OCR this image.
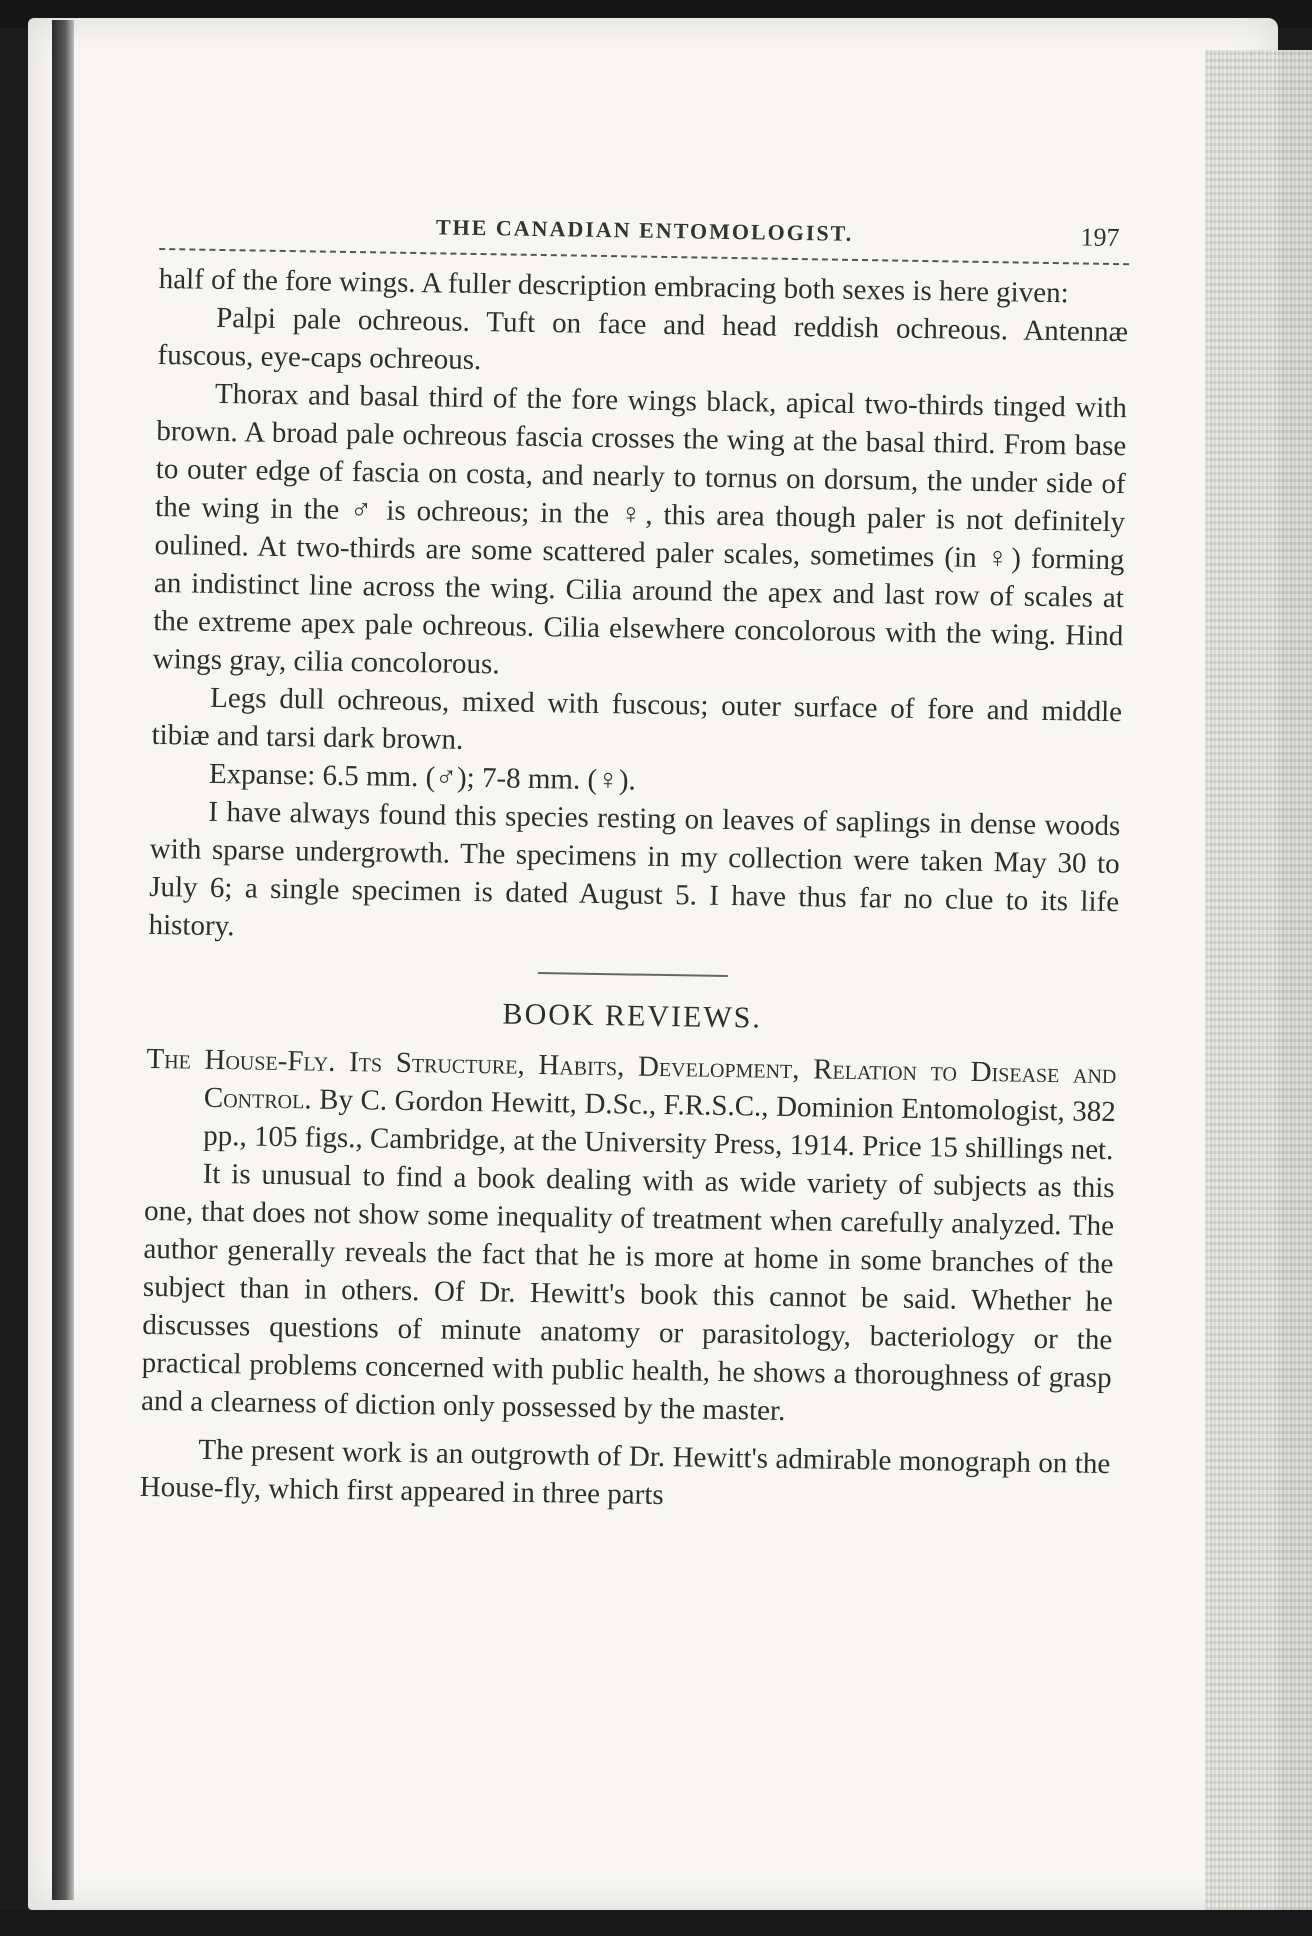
THE CANADIAN ENTOMOLOGIST.	197

half of the fore wings. A fuller description embracing both sexes is here given:

Palpi pale ochreous. Tuft on face and head reddish ochreous. Antennæ fuscous, eye-caps ochreous.

Thorax and basal third of the fore wings black, apical two-thirds tinged with brown. A broad pale ochreous fascia crosses the wing at the basal third. From base to outer edge of fascia on costa, and nearly to tornus on dorsum, the under side of the wing in the ♂ is ochreous; in the ♀, this area though paler is not definitely oulined. At two-thirds are some scattered paler scales, sometimes (in ♀) forming an indistinct line across the wing. Cilia around the apex and last row of scales at the extreme apex pale ochreous. Cilia elsewhere concolorous with the wing. Hind wings gray, cilia concolorous.

Legs dull ochreous, mixed with fuscous; outer surface of fore and middle tibiæ and tarsi dark brown.

Expanse: 6.5 mm. (♂); 7-8 mm. (♀).

I have always found this species resting on leaves of saplings in dense woods with sparse undergrowth. The specimens in my collection were taken May 30 to July 6; a single specimen is dated August 5. I have thus far no clue to its life history.

BOOK REVIEWS.

The House-Fly. Its Structure, Habits, Development, Relation to Disease and Control. By C. Gordon Hewitt, D.Sc., F.R.S.C., Dominion Entomologist, 382 pp., 105 figs., Cambridge, at the University Press, 1914. Price 15 shillings net.

It is unusual to find a book dealing with as wide variety of subjects as this one, that does not show some inequality of treatment when carefully analyzed. The author generally reveals the fact that he is more at home in some branches of the subject than in others. Of Dr. Hewitt's book this cannot be said. Whether he discusses questions of minute anatomy or parasitology, bacteriology or the practical problems concerned with public health, he shows a thoroughness of grasp and a clearness of diction only possessed by the master.

The present work is an outgrowth of Dr. Hewitt's admirable monograph on the House-fly, which first appeared in three parts
